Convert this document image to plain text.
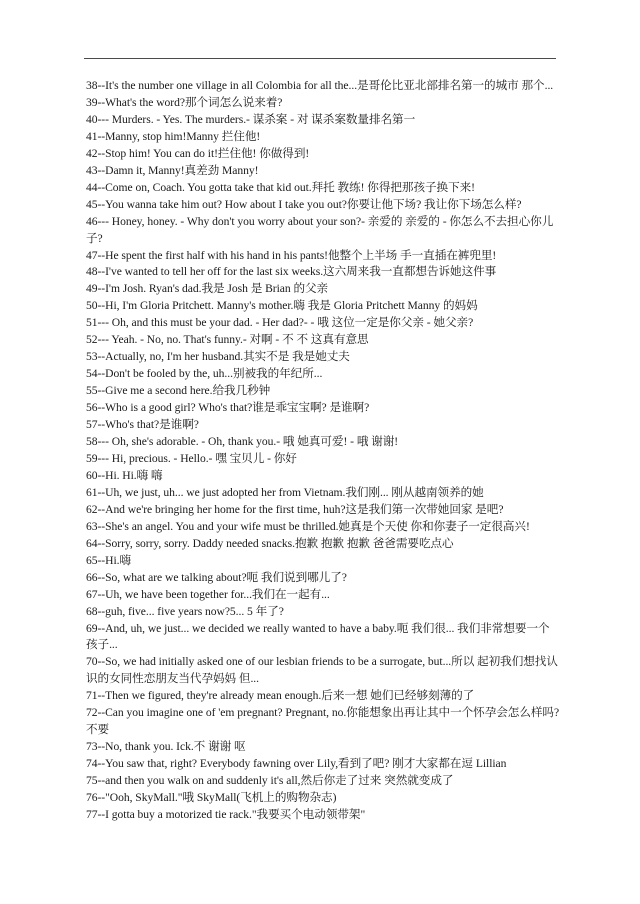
38--It's the number one village in all Colombia for all the...是哥伦比亚北部排名第一的城市 那个...

39--What's the word?那个词怎么说来着?

40--- Murders. - Yes. The murders.- 谋杀案 - 对 谋杀案数量排名第一

41--Manny, stop him!Manny 拦住他!

42--Stop him! You can do it!拦住他! 你做得到!

43--Damn it, Manny!真差劲 Manny!

44--Come on, Coach. You gotta take that kid out.拜托 教练! 你得把那孩子换下来!

45--You wanna take him out? How about I take you out?你要让他下场? 我让你下场怎么样?

46--- Honey, honey. - Why don't you worry about your son?- 亲爱的 亲爱的 - 你怎么不去担心你儿子?

47--He spent the first half with his hand in his pants!他整个上半场 手一直插在裤兜里!

48--I've wanted to tell her off for the last six weeks.这六周来我一直都想告诉她这件事

49--I'm Josh. Ryan's dad.我是 Josh 是 Brian 的父亲

50--Hi, I'm Gloria Pritchett. Manny's mother.嗨 我是 Gloria Pritchett Manny 的妈妈

51--- Oh, and this must be your dad. - Her dad?- - 哦 这位一定是你父亲 - 她父亲?

52--- Yeah. - No, no. That's funny.- 对啊 - 不 不 这真有意思

53--Actually, no, I'm her husband.其实不是 我是她丈夫

54--Don't be fooled by the, uh...别被我的年纪所...

55--Give me a second here.给我几秒钟

56--Who is a good girl? Who's that?谁是乖宝宝啊? 是谁啊?

57--Who's that?是谁啊?

58--- Oh, she's adorable. - Oh, thank you.- 哦 她真可爱! - 哦 谢谢!

59--- Hi, precious. - Hello.- 嘿 宝贝儿 - 你好

60--Hi. Hi.嗨 嗨

61--Uh, we just, uh... we just adopted her from Vietnam.我们刚... 刚从越南领养的她

62--And we're bringing her home for the first time, huh?这是我们第一次带她回家 是吧?

63--She's an angel. You and your wife must be thrilled.她真是个天使 你和你妻子一定很高兴!

64--Sorry, sorry, sorry. Daddy needed snacks.抱歉 抱歉 抱歉 爸爸需要吃点心

65--Hi.嗨

66--So, what are we talking about?呃 我们说到哪儿了?

67--Uh, we have been together for...我们在一起有...

68--guh, five... five years now?5... 5 年了?

69--And, uh, we just... we decided we really wanted to have a baby.呃 我们很... 我们非常想要一个孩子...

70--So, we had initially asked one of our lesbian friends to be a surrogate, but...所以 起初我们想找认识的女同性恋朋友当代孕妈妈 但...

71--Then we figured, they're already mean enough.后来一想 她们已经够刻薄的了

72--Can you imagine one of 'em pregnant? Pregnant, no.你能想象出再让其中一个怀孕会怎么样吗?不要

73--No, thank you. Ick.不 谢谢 呕

74--You saw that, right? Everybody fawning over Lily,看到了吧? 刚才大家都在逗 Lillian

75--and then you walk on and suddenly it's all,然后你走了过来 突然就变成了

76--"Ooh, SkyMall."哦 SkyMall(飞机上的购物杂志)

77--I gotta buy a motorized tie rack."我要买个电动领带架"
